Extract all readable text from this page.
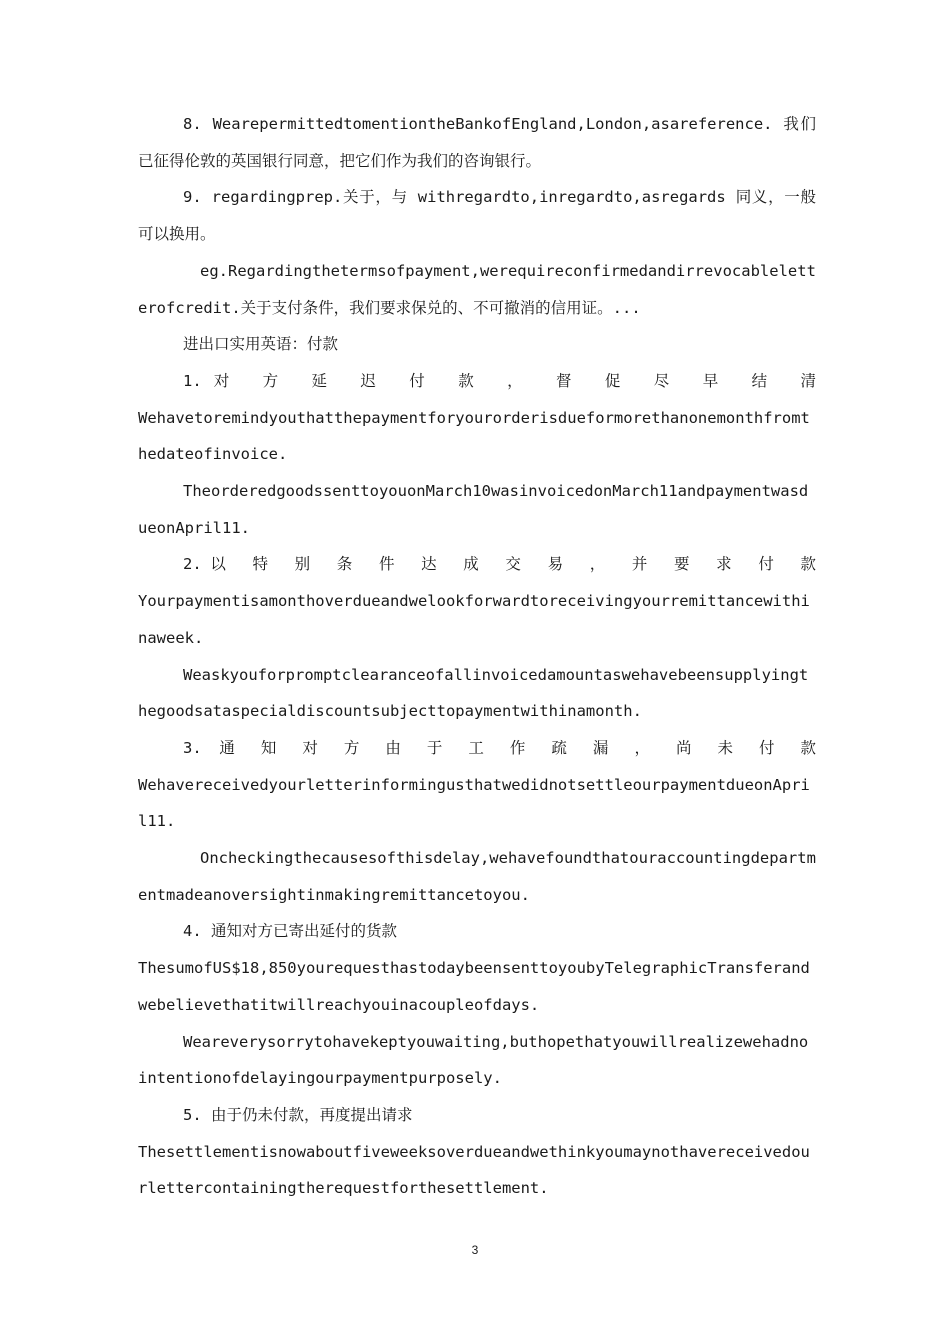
8. WearepermittedtomentiontheBankofEngland,London,asareference. 我们已征得伦敦的英国银行同意，把它们作为我们的咨询银行。

9. regardingprep.关于，与 withregardto,inregardto,asregards 同义，一般可以换用。

eg.Regardingthetermsofpayment,werequireconfirmedandirrevocableletterofcredit.关于支付条件，我们要求保兑的、不可撤消的信用证。...

进出口实用英语：付款

1.对 方 延 迟 付 款 ， 督 促 尽 早 结 清

Wehavetoremindyouthatthepaymentforyourorderisdueformorethanonemonthfromthedateofinvoice.

TheorderedgoodssenttoyouonMarch10wasinvoicedonMarch11andpaymentwasdueonApril11.

2.以 特 别 条 件 达 成 交 易 ， 并 要 求 付 款

Yourpaymentisamonthoverdueandwelookforwardtoreceivingyourremittancewithinaweek.

Weaskyouforpromptclearanceofallinvoicedamountaswehavebeensupplyingthegoodsataspecialdiscountsubjecttopaymentwithinamonth.

3. 通 知 对 方 由 于 工 作 疏 漏 ， 尚 未 付 款

WehavereceivedyourletterinformingusthatwedidnotsettleourpaymentdueonApril11.

Oncheckingthecausesofthisdelay,wehavefoundthatouraccountingdepartmentmadeanoversightinmakingremittancetoyou.

4. 通知对方已寄出延付的货款

ThesumofUS$18,850yourequesthastodaybeensenttoyoubyTelegraphicTransferandwebelievethatitwillreachyouinacoupleofdays.

Weareverysorrytohavekeptyouwaiting,buthopethatyouwillrealizewehadnointentionofdelayingourpaymentpurposely.

5. 由于仍未付款，再度提出请求

Thesettlementisnowaboutfiveweeksoverdueandwethinkyoumaynothavereceivedourlettercontainingtherequestforthesettlement.

3
